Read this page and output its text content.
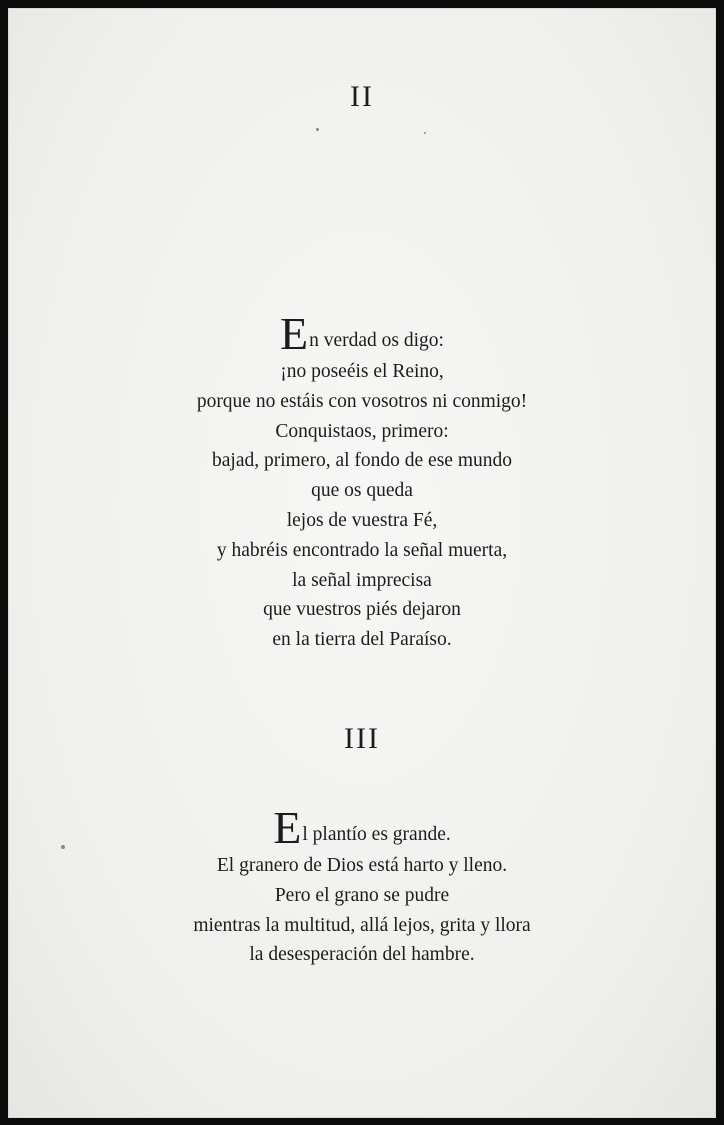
II
En verdad os digo:
¡no poseéis el Reino,
porque no estáis con vosotros ni conmigo!
Conquistaos, primero:
bajad, primero, al fondo de ese mundo
que os queda
lejos de vuestra Fé,
y habréis encontrado la señal muerta,
la señal imprecisa
que vuestros piés dejaron
en la tierra del Paraíso.
III
El plantío es grande.
El granero de Dios está harto y lleno.
Pero el grano se pudre
mientras la multitud, allá lejos, grita y llora
la desesperación del hambre.
